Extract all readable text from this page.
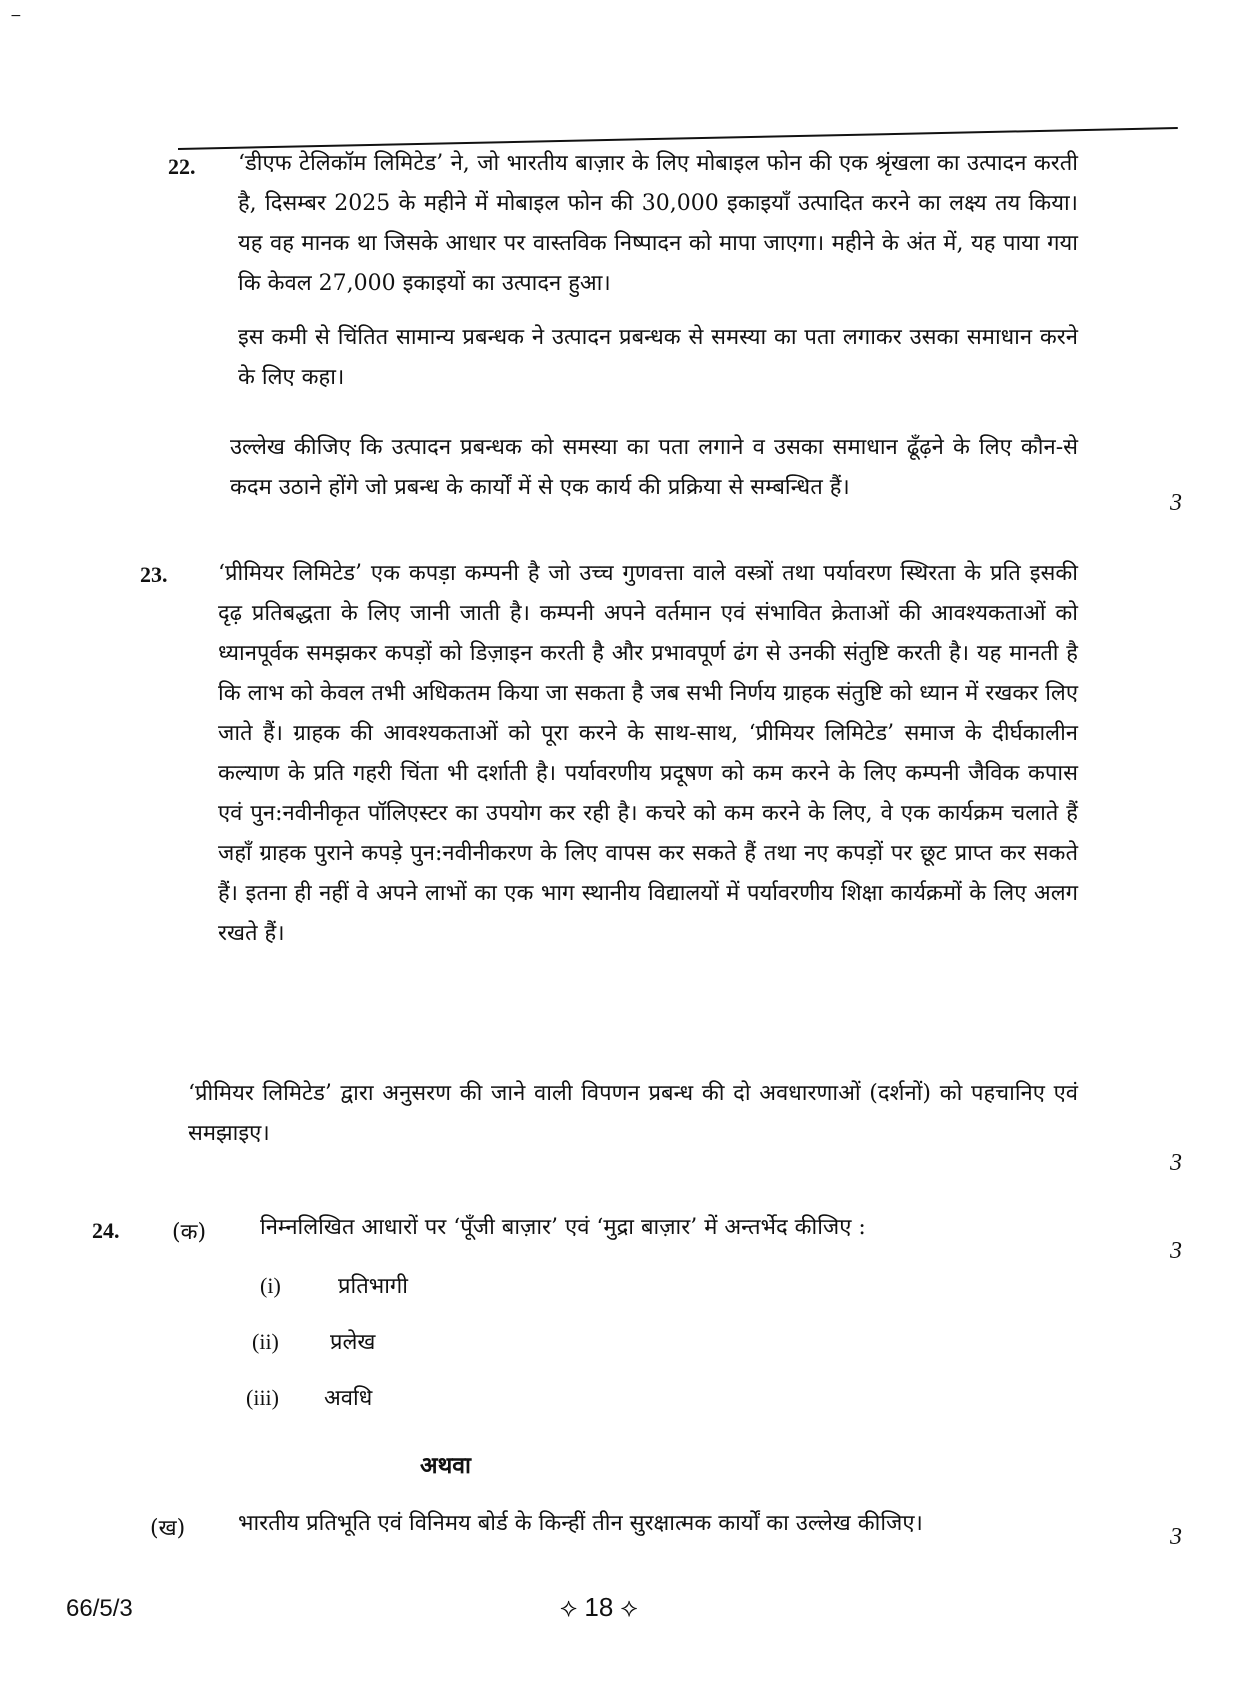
−
22. ‘डीएफ टेलिकॉम लिमिटेड’ ने, जो भारतीय बाज़ार के लिए मोबाइल फोन की एक श्रृंखला का उत्पादन करती है, दिसम्बर 2025 के महीने में मोबाइल फोन की 30,000 इकाइयाँ उत्पादित करने का लक्ष्य तय किया। यह वह मानक था जिसके आधार पर वास्तविक निष्पादन को मापा जाएगा। महीने के अंत में, यह पाया गया कि केवल 27,000 इकाइयों का उत्पादन हुआ।

इस कमी से चिंतित सामान्य प्रबन्धक ने उत्पादन प्रबन्धक से समस्या का पता लगाकर उसका समाधान करने के लिए कहा।

उल्लेख कीजिए कि उत्पादन प्रबन्धक को समस्या का पता लगाने व उसका समाधान ढूँढ़ने के लिए कौन-से कदम उठाने होंगे जो प्रबन्ध के कार्यों में से एक कार्य की प्रक्रिया से सम्बन्धित हैं।

3
23. ‘प्रीमियर लिमिटेड’ एक कपड़ा कम्पनी है जो उच्च गुणवत्ता वाले वस्त्रों तथा पर्यावरण स्थिरता के प्रति इसकी दृढ़ प्रतिबद्धता के लिए जानी जाती है। कम्पनी अपने वर्तमान एवं संभावित क्रेताओं की आवश्यकताओं को ध्यानपूर्वक समझकर कपड़ों को डिज़ाइन करती है और प्रभावपूर्ण ढंग से उनकी संतुष्टि करती है। यह मानती है कि लाभ को केवल तभी अधिकतम किया जा सकता है जब सभी निर्णय ग्राहक संतुष्टि को ध्यान में रखकर लिए जाते हैं। ग्राहक की आवश्यकताओं को पूरा करने के साथ-साथ, ‘प्रीमियर लिमिटेड’ समाज के दीर्घकालीन कल्याण के प्रति गहरी चिंता भी दर्शाती है। पर्यावरणीय प्रदूषण को कम करने के लिए कम्पनी जैविक कपास एवं पुन:नवीनीकृत पॉलिएस्टर का उपयोग कर रही है। कचरे को कम करने के लिए, वे एक कार्यक्रम चलाते हैं जहाँ ग्राहक पुराने कपड़े पुन:नवीनीकरण के लिए वापस कर सकते हैं तथा नए कपड़ों पर छूट प्राप्त कर सकते हैं। इतना ही नहीं वे अपने लाभों का एक भाग स्थानीय विद्यालयों में पर्यावरणीय शिक्षा कार्यक्रमों के लिए अलग रखते हैं।

‘प्रीमियर लिमिटेड’ द्वारा अनुसरण की जाने वाली विपणन प्रबन्ध की दो अवधारणाओं (दर्शनों) को पहचानिए एवं समझाइए।

3
24. (क) निम्नलिखित आधारों पर ‘पूँजी बाज़ार’ एवं ‘मुद्रा बाज़ार’ में अन्तर्भेद कीजिए :
3
(i)	प्रतिभागी
(ii) प्रलेख
(iii) अवधि
अथवा
(ख) भारतीय प्रतिभूति एवं विनिमय बोर्ड के किन्हीं तीन सुरक्षात्मक कार्यों का उल्लेख कीजिए।
3
66/5/3	⟡ 18 ⟡
